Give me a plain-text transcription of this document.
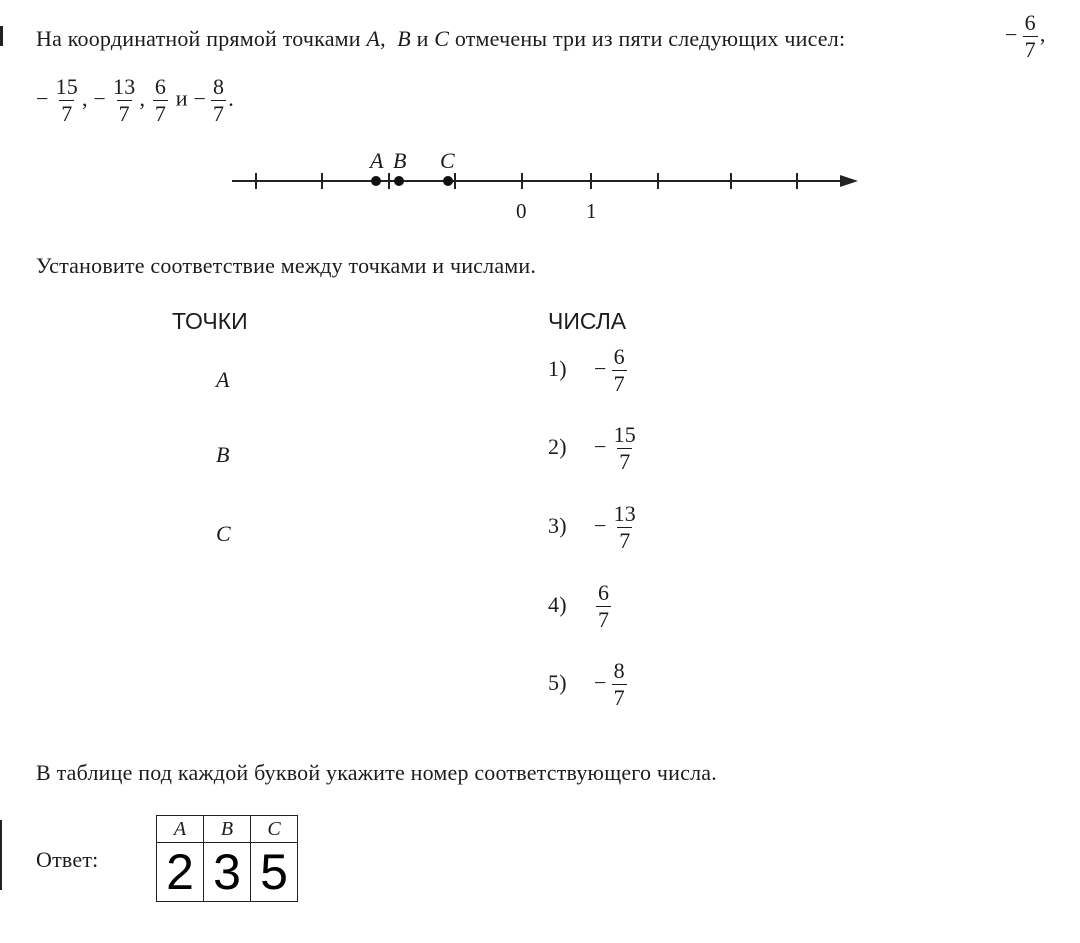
На координатной прямой точками A, B и C отмечены три из пяти следующих чисел:	− $\frac{6}{7}$ ,
− $\frac{15}{7}$ , − $\frac{13}{7}$ , $\frac{6}{7}$ $и - \frac{8}{7}$ .
A B C
0	1
Установите соответствие между точками и числами.
ТОЧКИ	ЧИСЛА
A
B
C
$1) - \frac{6}{7}$
$2) - \frac{15}{7}$
$3) - \frac{13}{7}$
$4) \frac{6}{7}$
$5) - \frac{8}{7}$
В таблице под каждой буквой укажите номер соответствующего числа.
Ответ:
A	B	C
2	3	5
